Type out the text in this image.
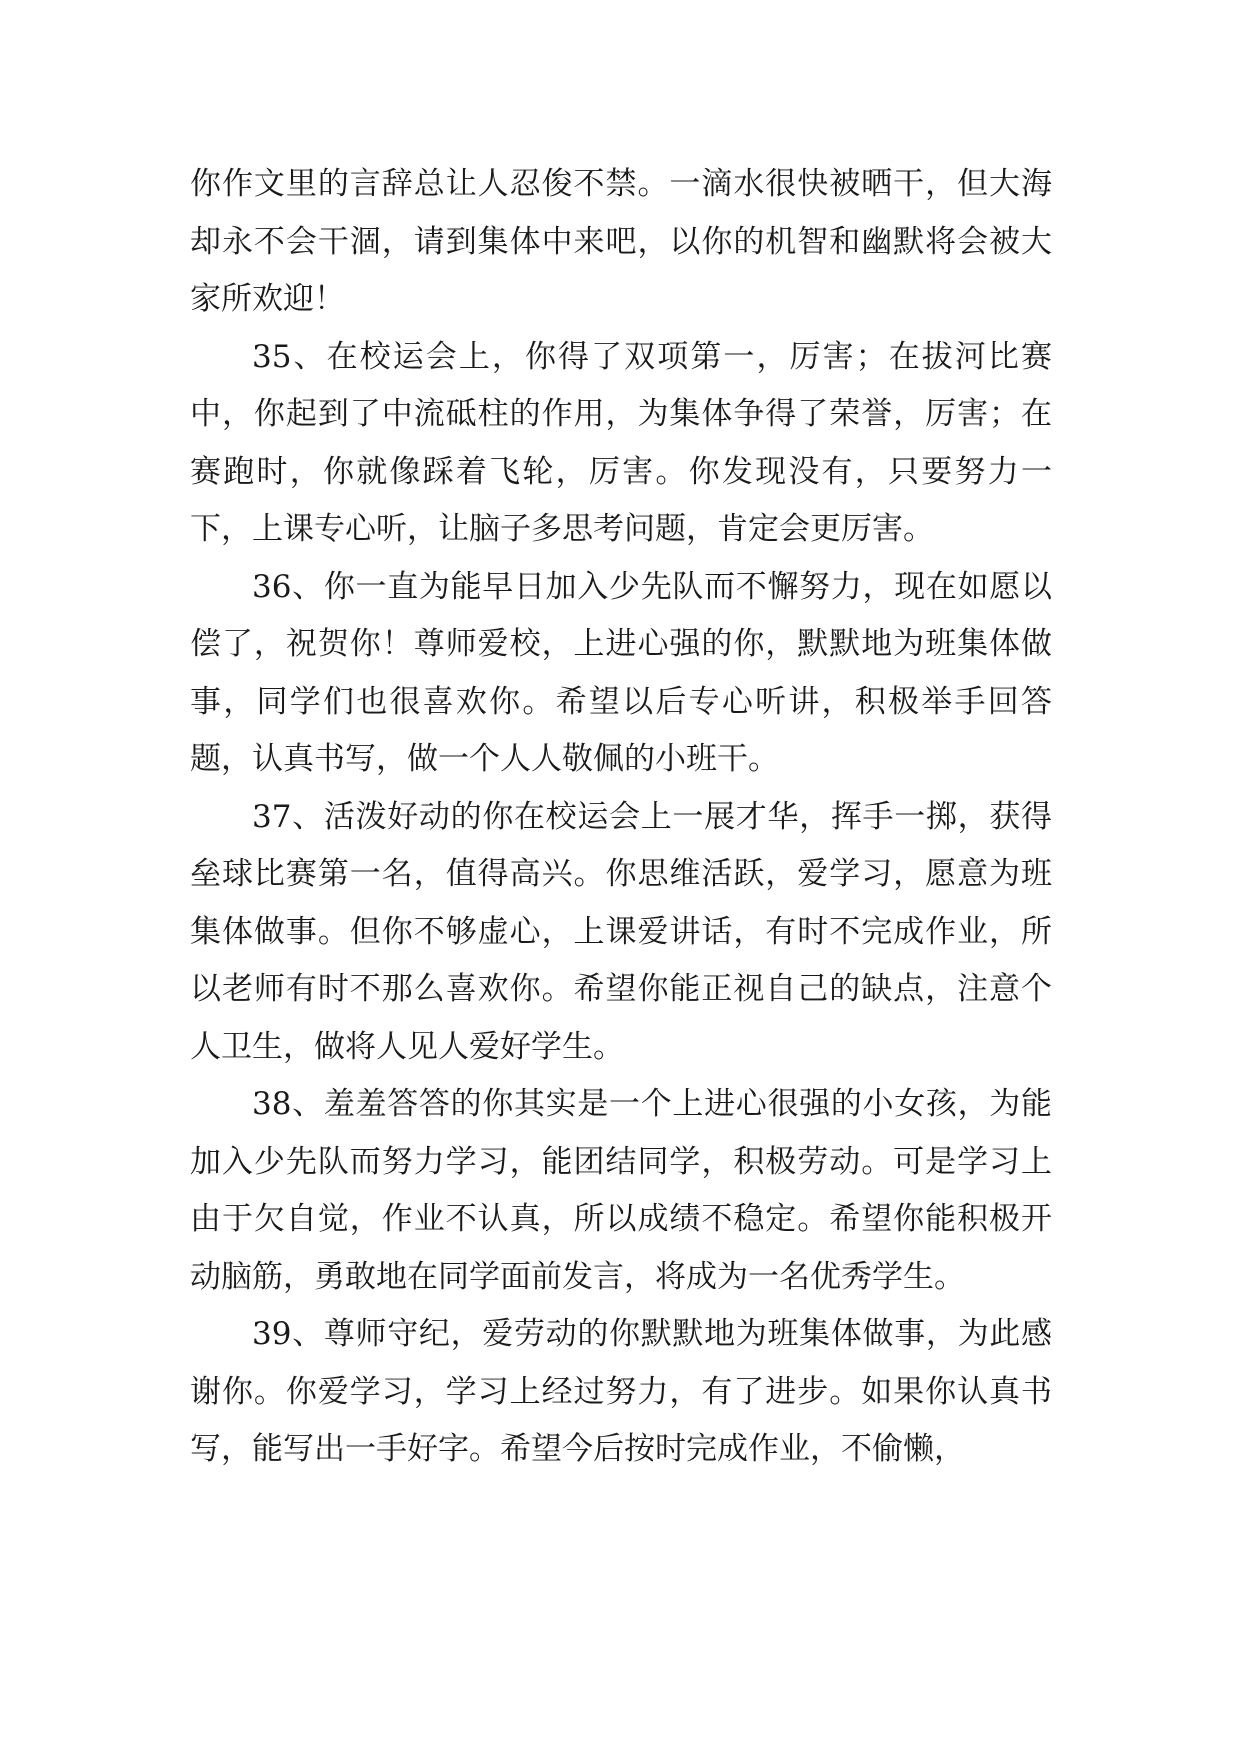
你作文里的言辞总让人忍俊不禁。一滴水很快被晒干，但大海却永不会干涸，请到集体中来吧，以你的机智和幽默将会被大家所欢迎！

35、在校运会上，你得了双项第一，厉害；在拔河比赛中，你起到了中流砥柱的作用，为集体争得了荣誉，厉害；在赛跑时，你就像踩着飞轮，厉害。你发现没有，只要努力一下，上课专心听，让脑子多思考问题，肯定会更厉害。

36、你一直为能早日加入少先队而不懈努力，现在如愿以偿了，祝贺你！尊师爱校，上进心强的你，默默地为班集体做事，同学们也很喜欢你。希望以后专心听讲，积极举手回答题，认真书写，做一个人人敬佩的小班干。

37、活泼好动的你在校运会上一展才华，挥手一掷，获得垒球比赛第一名，值得高兴。你思维活跃，爱学习，愿意为班集体做事。但你不够虚心，上课爱讲话，有时不完成作业，所以老师有时不那么喜欢你。希望你能正视自己的缺点，注意个人卫生，做将人见人爱好学生。

38、羞羞答答的你其实是一个上进心很强的小女孩，为能加入少先队而努力学习，能团结同学，积极劳动。可是学习上由于欠自觉，作业不认真，所以成绩不稳定。希望你能积极开动脑筋，勇敢地在同学面前发言，将成为一名优秀学生。

39、尊师守纪，爱劳动的你默默地为班集体做事，为此感谢你。你爱学习，学习上经过努力，有了进步。如果你认真书写，能写出一手好字。希望今后按时完成作业，不偷懒，
